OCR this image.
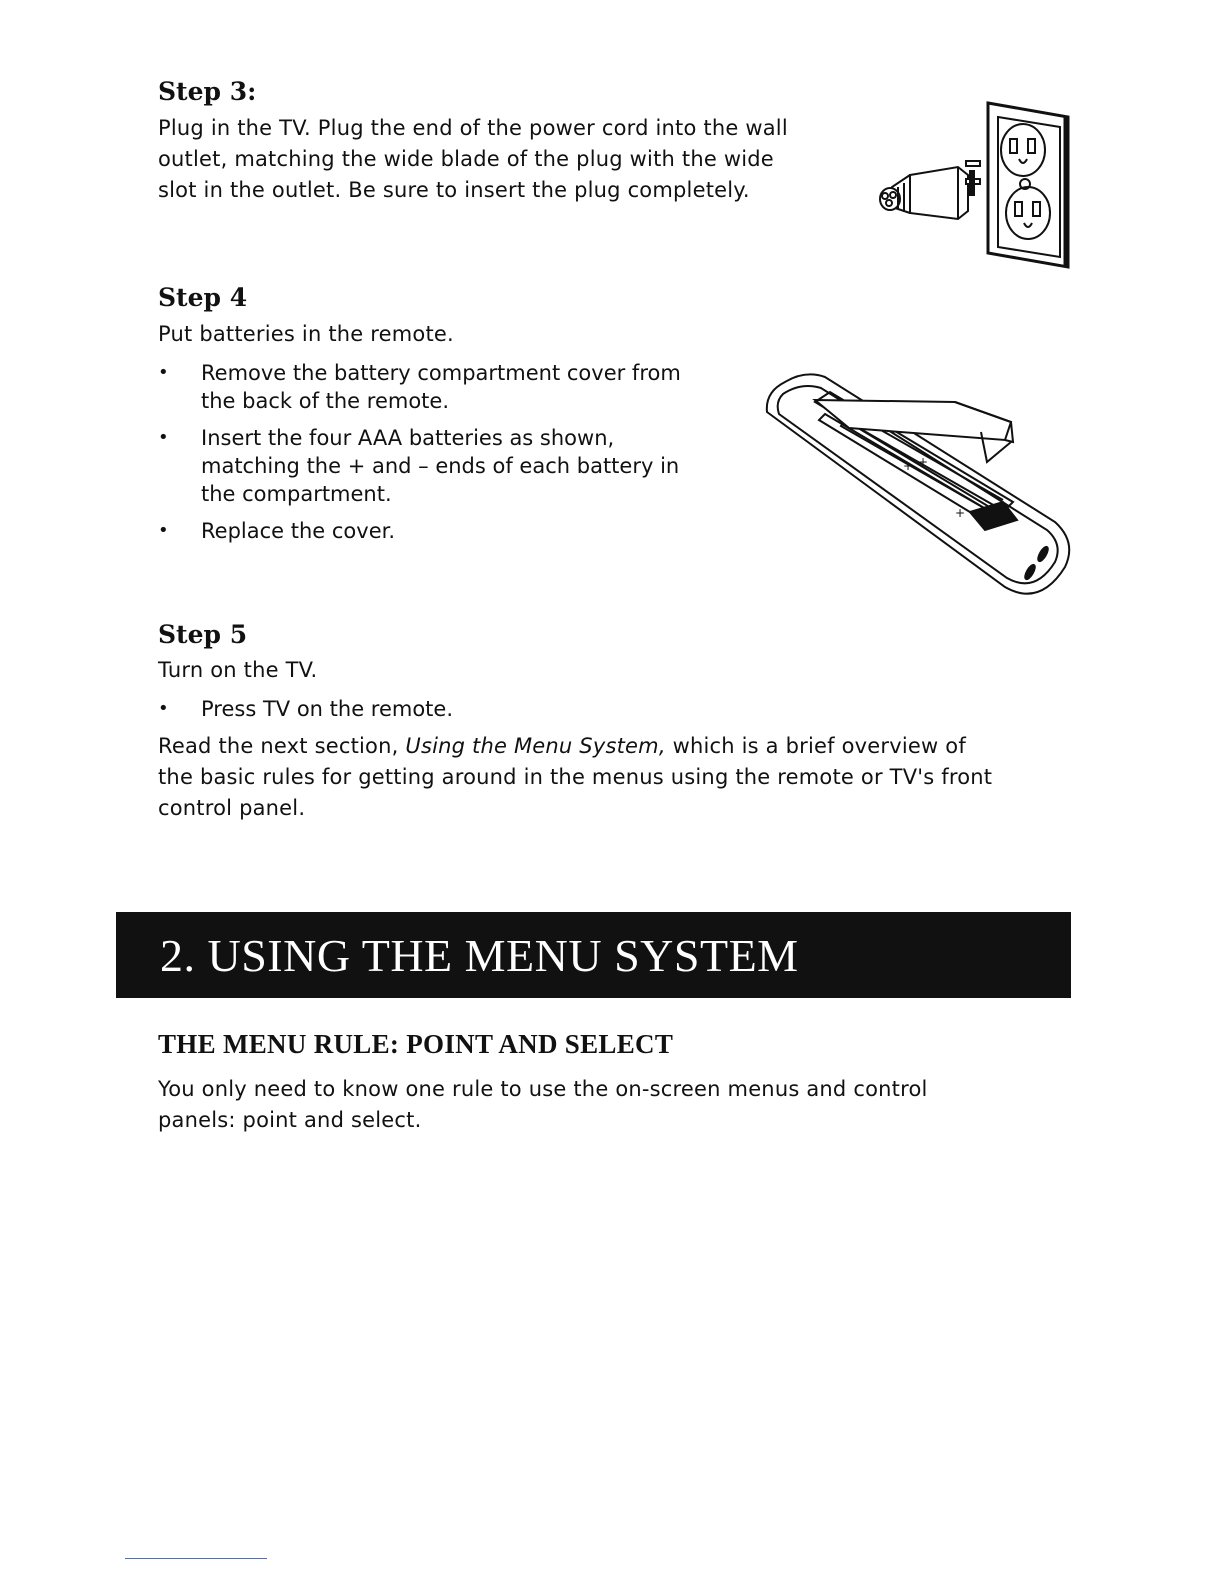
Step 3:
Plug in the TV. Plug the end of the power cord into the wall
outlet, matching the wide blade of the plug with the wide
slot in the outlet. Be sure to insert the plug completely.
Step 4
Put batteries in the remote.
• Remove the battery compartment cover from
the back of the remote.
• Insert the four AAA batteries as shown,
matching the + and – ends of each battery in
the compartment.
• Replace the cover.
+ +
+
Step 5
Turn on the TV.
• Press TV on the remote.
Read the next section, Using the Menu System, which is a brief overview of
the basic rules for getting around in the menus using the remote or TV's front
control panel.
2. USING THE MENU SYSTEM
THE MENU RULE: POINT AND SELECT
You only need to know one rule to use the on-screen menus and control
panels: point and select.
